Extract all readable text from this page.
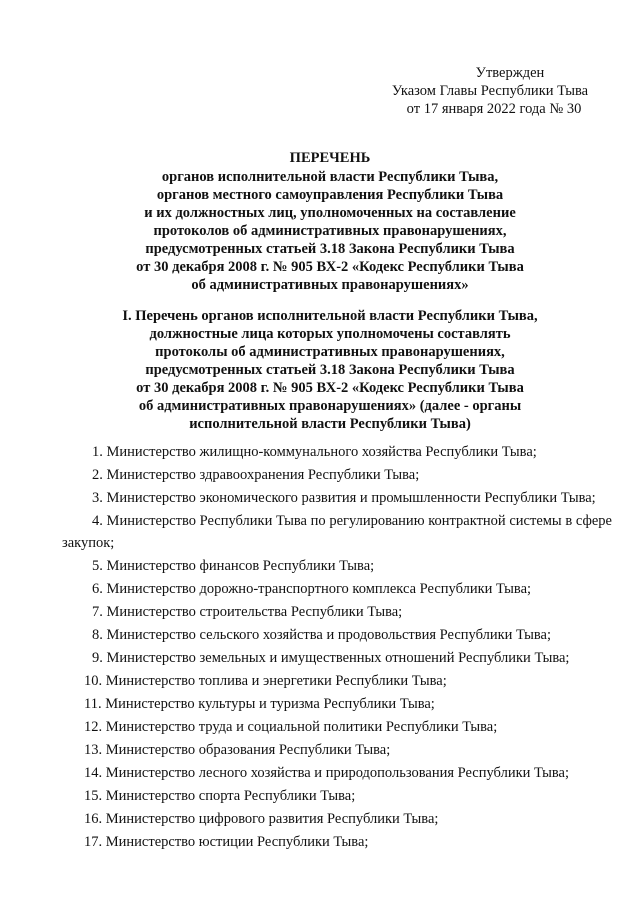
Утвержден
Указом Главы Республики Тыва
от 17 января 2022 года № 30
ПЕРЕЧЕНЬ
органов исполнительной власти Республики Тыва,
органов местного самоуправления Республики Тыва
и их должностных лиц, уполномоченных на составление
протоколов об административных правонарушениях,
предусмотренных статьей 3.18 Закона Республики Тыва
от 30 декабря 2008 г. № 905 ВХ-2 «Кодекс Республики Тыва
об административных правонарушениях»
I. Перечень органов исполнительной власти Республики Тыва,
должностные лица которых уполномочены составлять
протоколы об административных правонарушениях,
предусмотренных статьей 3.18 Закона Республики Тыва
от 30 декабря 2008 г. № 905 ВХ-2 «Кодекс Республики Тыва
об административных правонарушениях» (далее - органы
исполнительной власти Республики Тыва)
1. Министерство жилищно-коммунального хозяйства Республики Тыва;
2. Министерство здравоохранения Республики Тыва;
3. Министерство экономического развития и промышленности Республики Тыва;
4. Министерство Республики Тыва по регулированию контрактной системы в сфере закупок;
5. Министерство финансов Республики Тыва;
6. Министерство дорожно-транспортного комплекса Республики Тыва;
7. Министерство строительства Республики Тыва;
8. Министерство сельского хозяйства и продовольствия Республики Тыва;
9. Министерство земельных и имущественных отношений Республики Тыва;
10. Министерство топлива и энергетики Республики Тыва;
11. Министерство культуры и туризма Республики Тыва;
12. Министерство труда и социальной политики Республики Тыва;
13. Министерство образования Республики Тыва;
14. Министерство лесного хозяйства и природопользования Республики Тыва;
15. Министерство спорта Республики Тыва;
16. Министерство цифрового развития Республики Тыва;
17. Министерство юстиции Республики Тыва;
